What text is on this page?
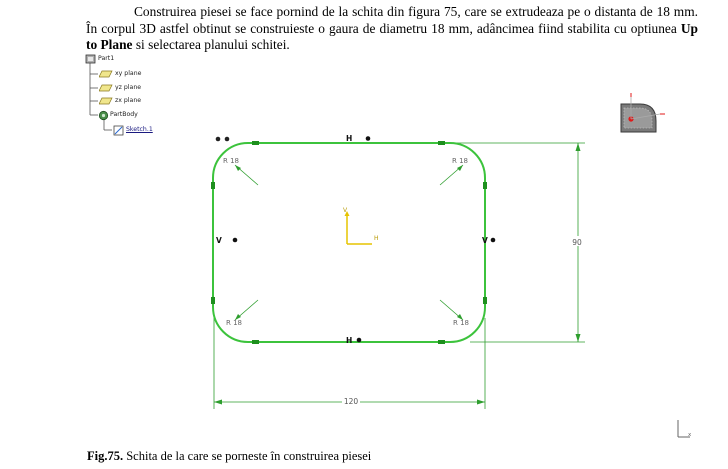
Construirea piesei se face pornind de la schita din figura 75, care se extrudeaza pe o distanta de 18 mm. În corpul 3D astfel obtinut se construieste o gaura de diametru 18 mm, adâncimea fiind stabilita cu optiunea Up to Plane si selectarea planului schitei.

Part1
xy plane
yz plane
zx plane
PartBody
Sketch.1
90
120
R 18	R 18
R 18	R 18
H
H
V	V
H
V
x

Fig.75. Schita de la care se porneste în construirea piesei
